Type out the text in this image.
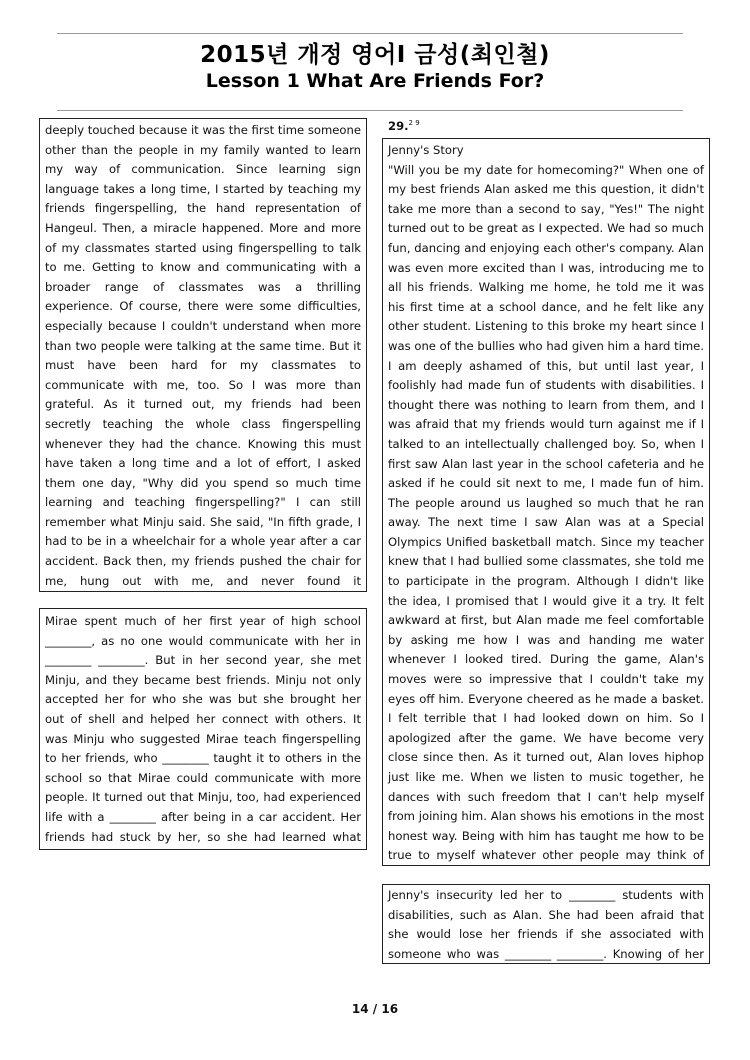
2015년 개정 영어I 금성(최인철)
Lesson 1 What Are Friends For?

deeply touched because it was the first time someone other than the people in my family wanted to learn my way of communication. Since learning sign language takes a long time, I started by teaching my friends fingerspelling, the hand representation of Hangeul. Then, a miracle happened. More and more of my classmates started using fingerspelling to talk to me. Getting to know and communicating with a broader range of classmates was a thrilling experience. Of course, there were some difficulties, especially because I couldn't understand when more than two people were talking at the same time. But it must have been hard for my classmates to communicate with me, too. So I was more than grateful. As it turned out, my friends had been secretly teaching the whole class fingerspelling whenever they had the chance. Knowing this must have taken a long time and a lot of effort, I asked them one day, "Why did you spend so much time learning and teaching fingerspelling?" I can still remember what Minju said. She said, "In fifth grade, I had to be in a wheelchair for a whole year after a car accident. Back then, my friends pushed the chair for me, hung out with me, and never found it

Mirae spent much of her first year of high school ________, as no one would communicate with her in ________ ________. But in her second year, she met Minju, and they became best friends. Minju not only accepted her for who she was but she brought her out of shell and helped her connect with others. It was Minju who suggested Mirae teach fingerspelling to her friends, who ________ taught it to others in the school so that Mirae could communicate with more people. It turned out that Minju, too, had experienced life with a ________ after being in a car accident. Her friends had stuck by her, so she had learned what

29.$^{2 9}$

Jenny's Story

"Will you be my date for homecoming?" When one of my best friends Alan asked me this question, it didn't take me more than a second to say, "Yes!" The night turned out to be great as I expected. We had so much fun, dancing and enjoying each other's company. Alan was even more excited than I was, introducing me to all his friends. Walking me home, he told me it was his first time at a school dance, and he felt like any other student. Listening to this broke my heart since I was one of the bullies who had given him a hard time. I am deeply ashamed of this, but until last year, I foolishly had made fun of students with disabilities. I thought there was nothing to learn from them, and I was afraid that my friends would turn against me if I talked to an intellectually challenged boy. So, when I first saw Alan last year in the school cafeteria and he asked if he could sit next to me, I made fun of him. The people around us laughed so much that he ran away. The next time I saw Alan was at a Special Olympics Unified basketball match. Since my teacher knew that I had bullied some classmates, she told me to participate in the program. Although I didn't like the idea, I promised that I would give it a try. It felt awkward at first, but Alan made me feel comfortable by asking me how I was and handing me water whenever I looked tired. During the game, Alan's moves were so impressive that I couldn't take my eyes off him. Everyone cheered as he made a basket. I felt terrible that I had looked down on him. So I apologized after the game. We have become very close since then. As it turned out, Alan loves hiphop just like me. When we listen to music together, he dances with such freedom that I can't help myself from joining him. Alan shows his emotions in the most honest way. Being with him has taught me how to be true to myself whatever other people may think of

Jenny's insecurity led her to ________ students with disabilities, such as Alan. She had been afraid that she would lose her friends if she associated with someone who was ________ ________. Knowing of her

14 / 16
